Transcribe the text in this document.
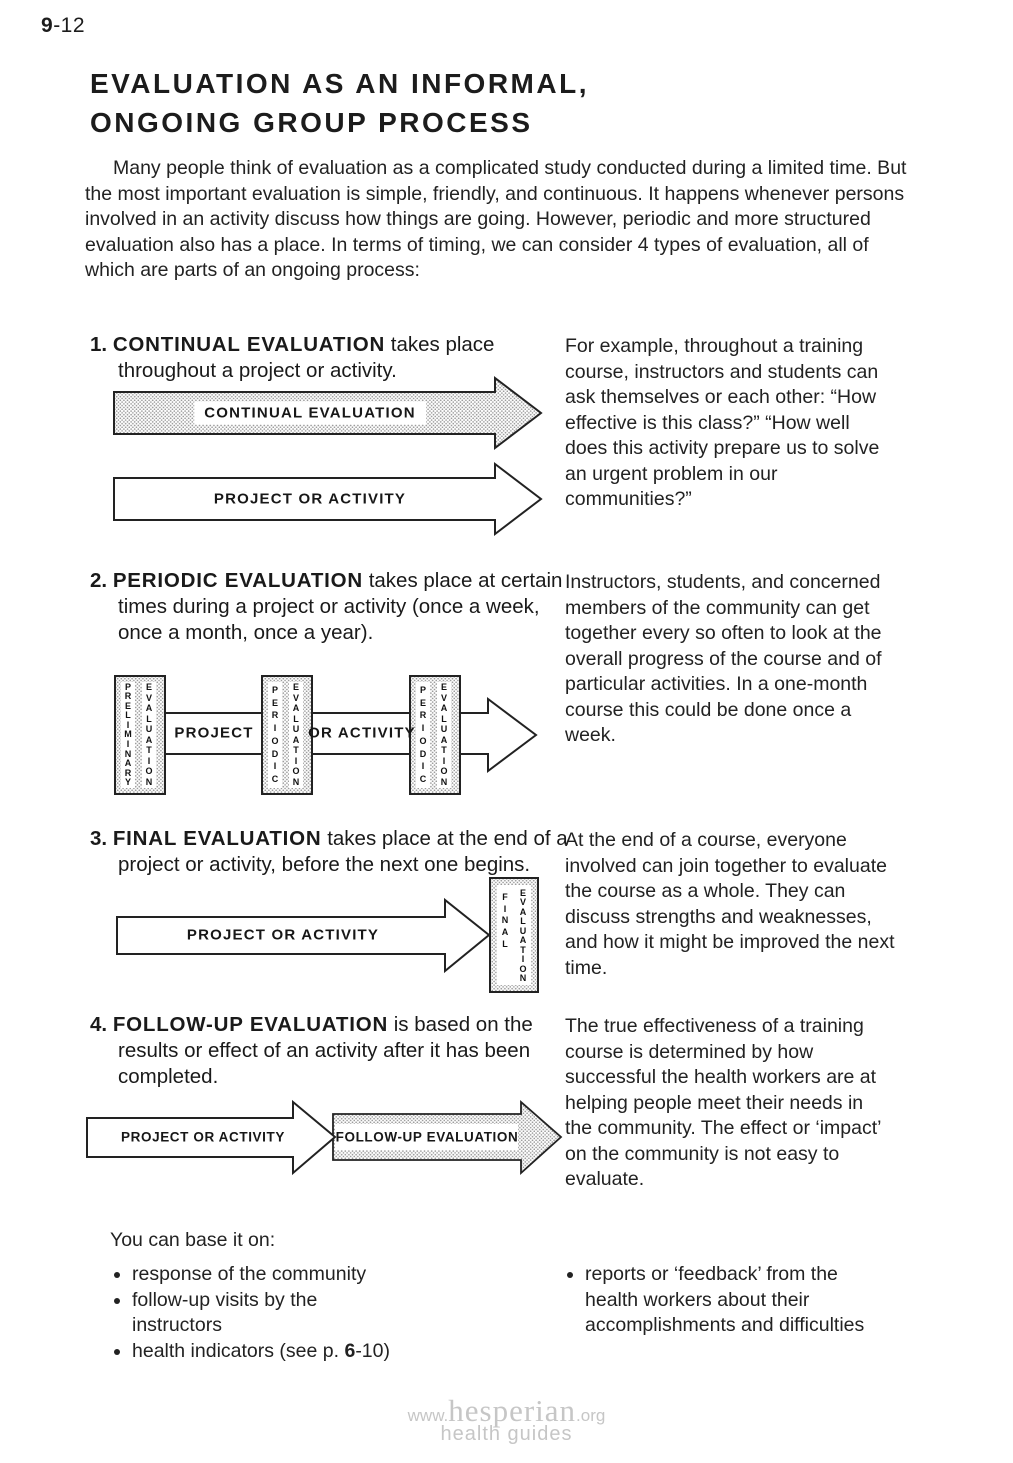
9-12
EVALUATION AS AN INFORMAL,
ONGOING GROUP PROCESS

Many people think of evaluation as a complicated study conducted during a limited time. But the most important evaluation is simple, friendly, and continuous. It happens whenever persons involved in an activity discuss how things are going. However, periodic and more structured evaluation also has a place. In terms of timing, we can consider 4 types of evaluation, all of which are parts of an ongoing process:

1. CONTINUAL EVALUATION takes place throughout a project or activity.

For example, throughout a training course, instructors and students can ask themselves or each other: “How effective is this class?” “How well does this activity prepare us to solve an urgent problem in our communities?”

CONTINUAL EVALUATION
PROJECT OR ACTIVITY
2. PERIODIC EVALUATION takes place at certain times during a project or activity (once a week, once a month, once a year).

Instructors, students, and concerned members of the community can get together every so often to look at the overall progress of the course and of particular activities. In a one-month course this could be done once a week.

P
R
E
L
I
M
I
N
A
R
Y
E
V
A
L
U
A
T
I
O
N
P
E
R
I
O
D
I
C
E
V
A
L
U
A
T
I
O
N
P
E
R
I
O
D
I
C
E
V
A
L
U
A
T
I
O
N
PROJECT	OR ACTIVITY
3. FINAL EVALUATION takes place at the end of a project or activity, before the next one begins.

At the end of a course, everyone involved can join together to evaluate the course as a whole. They can discuss strengths and weaknesses, and how it might be improved the next time.

PROJECT OR ACTIVITY
F
I
N
A
L
E
V
A
L
U
A
T
I
O
N
4. FOLLOW-UP EVALUATION is based on the results or effect of an activity after it has been completed.

The true effectiveness of a training course is determined by how successful the health workers are at helping people meet their needs in the community. The effect or ‘impact’ on the community is not easy to evaluate.

PROJECT OR ACTIVITY	FOLLOW-UP EVALUATION
You can base it on:
• response of the community
• follow-up visits by the instructors
• health indicators (see p. 6-10)
• reports or ‘feedback’ from the health workers about their accomplishments and difficulties
www.hesperian.org
health guides
